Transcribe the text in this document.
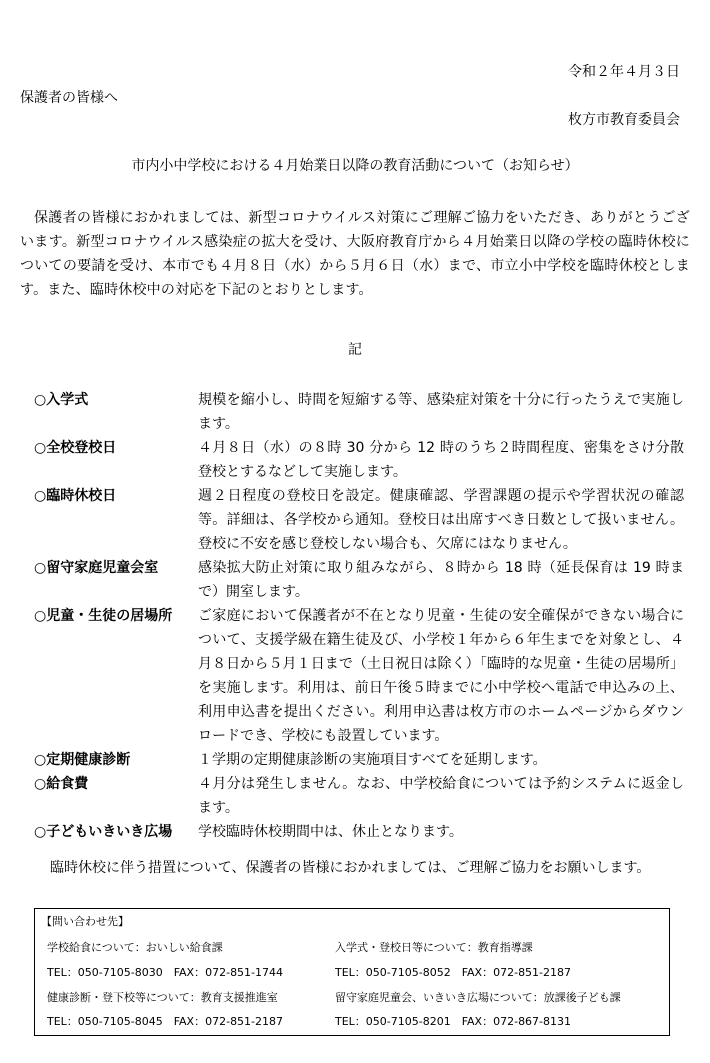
令和２年４月３日
保護者の皆様へ
枚方市教育委員会
市内小中学校における４月始業日以降の教育活動について（お知らせ）
保護者の皆様におかれましては、新型コロナウイルス対策にご理解ご協力をいただき、ありがとうございます。新型コロナウイルス感染症の拡大を受け、大阪府教育庁から４月始業日以降の学校の臨時休校についての要請を受け、本市でも４月８日（水）から５月６日（水）まで、市立小中学校を臨時休校とします。また、臨時休校中の対応を下記のとおりとします。
記
○入学式	規模を縮小し、時間を短縮する等、感染症対策を十分に行ったうえで実施します。
○全校登校日	４月８日（水）の８時 30 分から 12 時のうち２時間程度、密集をさけ分散登校とするなどして実施します。
○臨時休校日	週２日程度の登校日を設定。健康確認、学習課題の提示や学習状況の確認等。詳細は、各学校から通知。登校日は出席すべき日数として扱いません。登校に不安を感じ登校しない場合も、欠席にはなりません。
○留守家庭児童会室	感染拡大防止対策に取り組みながら、８時から 18 時（延長保育は 19 時まで）開室します。
○児童・生徒の居場所	ご家庭において保護者が不在となり児童・生徒の安全確保ができない場合について、支援学級在籍生徒及び、小学校１年から６年生までを対象とし、４月８日から５月１日まで（土日祝日は除く）「臨時的な児童・生徒の居場所」を実施します。利用は、前日午後５時までに小中学校へ電話で申込みの上、利用申込書を提出ください。利用申込書は枚方市のホームページからダウンロードでき、学校にも設置しています。
○定期健康診断	１学期の定期健康診断の実施項目すべてを延期します。
○給食費	４月分は発生しません。なお、中学校給食については予約システムに返金します。
○子どもいきいき広場	学校臨時休校期間中は、休止となります。
臨時休校に伴う措置について、保護者の皆様におかれましては、ご理解ご協力をお願いします。
【問い合わせ先】
学校給食について：おいしい給食課
TEL：050-7105-8030　FAX：072-851-1744
入学式・登校日等について：教育指導課
TEL：050-7105-8052　FAX：072-851-2187
健康診断・登下校等について：教育支援推進室
TEL：050-7105-8045　FAX：072-851-2187
留守家庭児童会、いきいき広場について：放課後子ども課
TEL：050-7105-8201　FAX：072-867-8131
